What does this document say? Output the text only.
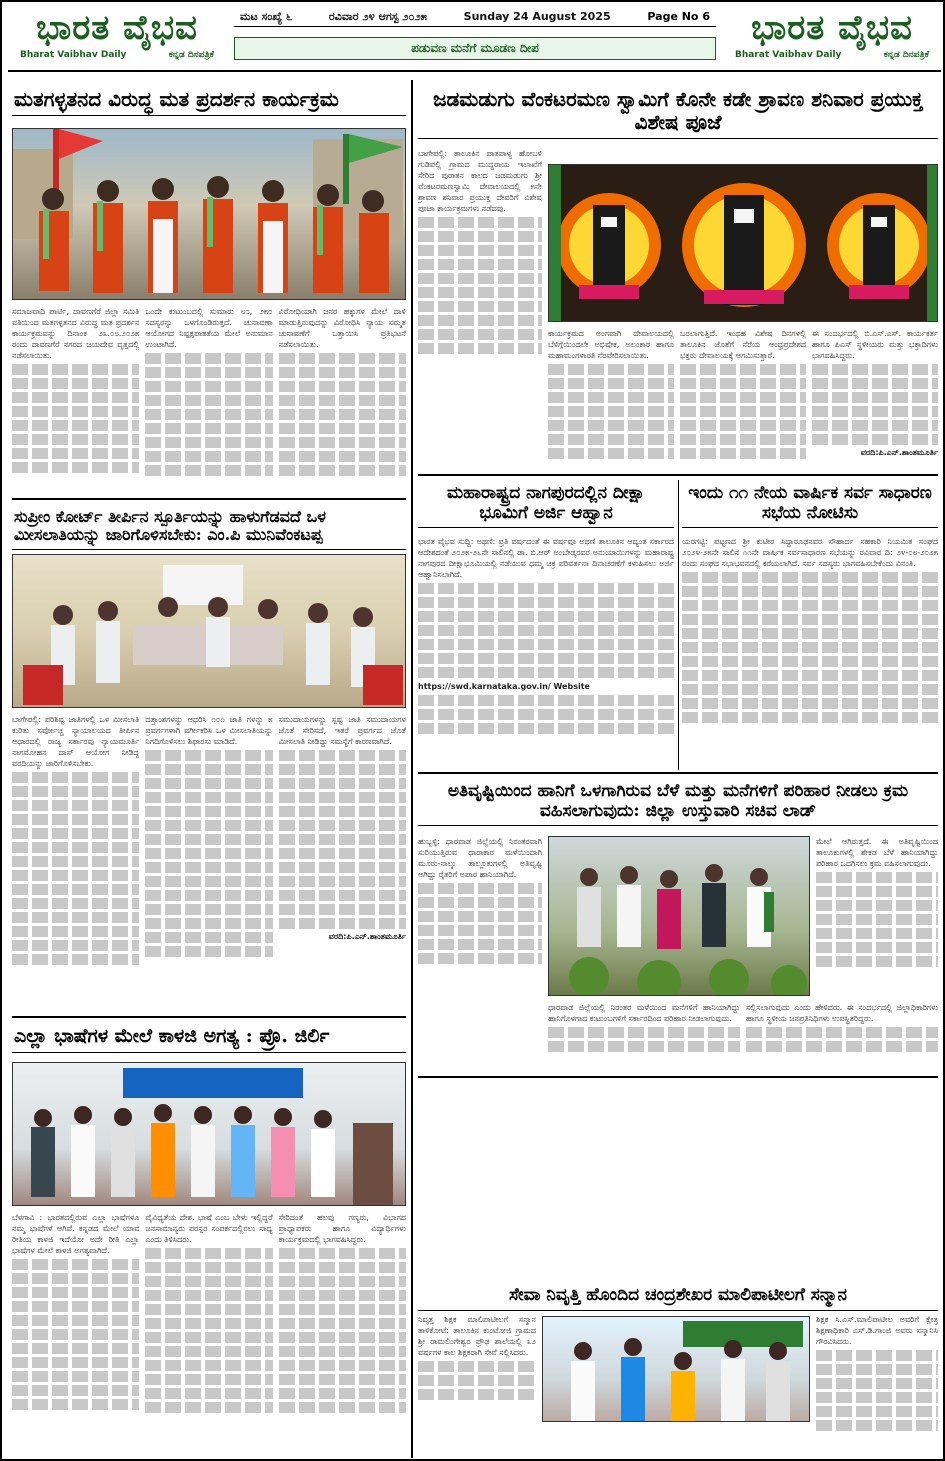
ಭಾರತ ವೈಭವ
Bharat Vaibhav Daily	ಕನ್ನಡ ದಿನಪತ್ರಿಕೆ
ಮಟ ಸಂಖ್ಯೆ ೬	ರವಿವಾರ ೨೪ ಆಗಸ್ಟ ೨೦೨೫	Sunday 24 August 2025	Page No 6
ಪಡುವಣ ಮನೆಗೆ ಮೂಡಣ ದೀಪ	ಭಾರತ ವೈಭವ
Bharat Vaibhav Daily	ಕನ್ನಡ ದಿನಪತ್ರಿಕೆ
ಮತಗಳ್ಳತನದ ವಿರುದ್ಧ ಮತ ಪ್ರದರ್ಶನ ಕಾರ್ಯಕ್ರಮ

ಸಮಾಜವಾದಿ ಪಾರ್ಟಿ, ದಾವಣಗೆರೆ ಜಿಲ್ಲಾ ಸಮಿತಿ ವತಿಯಿಂದ ಮತಗಳ್ಳತನದ ವಿರುದ್ಧ ಮತ ಪ್ರದರ್ಶನ ಕಾರ್ಯಕ್ರಮವನ್ನು ದಿನಾಂಕ ೨೩.೦೮.೨೦೨೫ ರಂದು ದಾವಣಗೆರೆ ನಗರದ ಜಯದೇವ ವೃತ್ತದಲ್ಲಿ ನಡೆಸಲಾಯಿತು.

ಒಂದೇ ಕುಟುಂಬದಲ್ಲಿ ಸುಮಾರು ೮೦, ೨೫೦ ಸದಸ್ಯರನ್ನು ಒಳಗೊಂಡಿರುತ್ತದೆ. ಚುನಾವಣಾ ಆಯೋಗದ ನಿಷ್ಪಕ್ಷಪಾತತೆಯ ಮೇಲೆ ಅನುಮಾನ ಉಂಟಾಗಿದೆ.

ವಿರೋಧಿಯಾಗಿ ಜನರ ಹಕ್ಕುಗಳ ಮೇಲೆ ದಾಳಿ ಮಾಡುತ್ತಿರುವುದನ್ನು ವಿರೋಧಿಸಿ ನ್ಯಾಯ ಸಮ್ಮತ ಚುನಾವಣೆಗೆ ಒತ್ತಾಯಿಸಿ ಪ್ರತಿಭಟನೆ ನಡೆಸಲಾಯಿತು.

ಜಡಮಡುಗು ವೆಂಕಟರಮಣ ಸ್ವಾಮಿಗೆ ಕೊನೇ ಕಡೇ ಶ್ರಾವಣ ಶನಿವಾರ ಪ್ರಯುಕ್ತ ವಿಶೇಷ ಪೂಜೆ

ಬಾಗೇಪಲ್ಲಿ: ತಾಲೂಕಿನ ಪಾತಪಾಳ್ಯ ಹೋಬಳಿ ಗುಡಿಪಲ್ಲಿ ಗ್ರಾಮದ ಮುದ್ದರಾಯ ಇಲಾಖೆಗೆ ಸೇರಿದ ಪುರಾತನ ಕಾಲದ ಜಡಮಡುಗು ಶ್ರೀ ವೆಂಕಟರಮಣಸ್ವಾಮಿ ದೇವಾಲಯದಲ್ಲಿ ೫ನೇ ಶ್ರಾವಣ ಶನಿವಾರ ಪ್ರಯುಕ್ತ ದೇವರಿಗೆ ವಿಶೇಷ ಪೂಜಾ ಕಾರ್ಯಕ್ರಮಗಳು ನಡೆದವು.

ಕಾರ್ಯಕ್ರಮದ ಅಂಗವಾಗಿ ದೇವಾಲಯದಲ್ಲಿ ಬೆಳಿಗ್ಗೆಯಿಂದಲೇ ಅಭಿಷೇಕ, ಅಲಂಕಾರ ಹಾಗೂ ಮಹಾಮಂಗಳಾರತಿ ನೆರವೇರಿಸಲಾಯಿತು.

ಬರಲಾಗುತ್ತಿದೆ. ಇಂಥಹ ವಿಶೇಷ ದಿನಗಳಲ್ಲಿ ತಾಲೂಕಿನ ಜೊತೆಗೆ ನೆರೆಯ ಆಂಧ್ರಪ್ರದೇಶದ ಭಕ್ತರು ದೇವಾಲಯಕ್ಕೆ ಆಗಮಿಸುತ್ತಾರೆ.

ಈ ಸಂದರ್ಭದಲ್ಲಿ ಬಿ.ಎಸ್.ಎಸ್. ಕಾರ್ಯಕರ್ತ ಹಾಗೂ ಪಿಎಸ್ ಸ್ಥಳೀಯರು ಮತ್ತು ಭಕ್ತಾದಿಗಳು ಭಾಗವಹಿಸಿದ್ದರು.

ವರದಿ:ಪಿ.ಎನ್.ಶಾಂತಮೂರ್ತಿ

ಸುಪ್ರೀಂ ಕೋರ್ಟ್ ತೀರ್ಪಿನ ಸ್ಪೂರ್ತಿಯನ್ನು ಹಾಳುಗೆಡವದೆ ಒಳ ಮೀಸಲಾತಿಯನ್ನು ಜಾರಿಗೊಳಿಸಬೇಕು: ಎಂ.ಪಿ ಮುನಿವೆಂಕಟಪ್ಪ

ಬಾಗೇಪಲ್ಲಿ: ಪರಿಶಿಷ್ಟ ಜಾತಿಗಳಲ್ಲಿ ಒಳ ಮೀಸಲಾತಿ ಕುರಿತು ಸರ್ವೋಚ್ಚ ನ್ಯಾಯಾಲಯದ ತೀರ್ಪಿನ ಆಧಾರದಲ್ಲಿ ರಾಜ್ಯ ಸರ್ಕಾರವು ನ್ಯಾಯಮೂರ್ತಿ ನಾಗಮೋಹನ ದಾಸ್ ಆಯೋಗ ನೀಡಿದ್ದ ವರದಿಯನ್ನು ಜಾರಿಗೊಳಿಸಬೇಕು.

ದತ್ತಾಂಶಗಳನ್ನು ಆಧರಿಸಿ ೧೦೧ ಜಾತಿ ಗಳನ್ನು ೫ ಪ್ರವರ್ಗಗಳಾಗಿ ವರ್ಗೀಕರಿಸಿ ಒಳ ಮೀಸಲಾತಿಯನ್ನು ನಿಗದಿಗೊಳಿಸಲು ಶಿಫಾರಸು ಮಾಡಿದೆ.

ಸಮುದಾಯಗಳನ್ನು ಸ್ಪಷ್ಟ ಜಾತಿ ಸಮುದಾಯಗಳ ಜೊತೆ ಸೇರಿಸದೆ, ಇತರೆ ಪ್ರವರ್ಗದ ಜೊತೆ ಮೀಸಲಾತಿ ನೀಡಿದ್ದು ಸಮಸ್ಯೆಗೆ ಕಾರಣವಾಗಿದೆ.

ವರದಿ:ಪಿ.ಎನ್.ಶಾಂತಮೂರ್ತಿ

ಮಹಾರಾಷ್ಟ್ರದ ನಾಗಪುರದಲ್ಲಿನ ದೀಕ್ಷಾ ಭೂಮಿಗೆ ಅರ್ಜಿ ಆಹ್ವಾನ

ಭಾರತ ವೈಭವ ಸುದ್ದಿ: ಅಥಣಿ: ಪ್ರತಿ ವರ್ಷದಂತೆ ಈ ವರ್ಷವೂ ಅಥಣಿ ತಾಲೂಕಿನ ಆದ್ಯಂತ ಸರ್ಕಾರದ ಆದೇಶದಂತೆ ೨೦೨೫-೨೬ನೇ ಸಾಲಿನಲ್ಲಿ ಡಾ. ಬಿ.ಆರ್ ಅಂಬೇಡ್ಕರವರ ಅನುಯಾಯಿಗಳನ್ನು ಮಹಾರಾಷ್ಟ್ರ ನಾಗಪುರದ ದೀಕ್ಷಾಭೂಮಿಯಲ್ಲಿ ನಡೆಯುವ ಧಮ್ಮ ಚಕ್ರ ಪರಿವರ್ತನಾ ದಿನಾಚರಣೆಗೆ ಕಳುಹಿಸಲು ಅರ್ಜಿ ಆಹ್ವಾನಿಸಲಾಗಿದೆ.

https://swd.karnataka.gov.in/ Website

ಇಂದು ೧೧ ನೇಯ ವಾರ್ಷಿಕ ಸರ್ವ ಸಾಧಾರಣ ಸಭೆಯ ನೋಟಿಸು

ಯರಗಟ್ಟಿ: ಪಟ್ಟಣದ ಶ್ರೀ ಕುಟೀರ ಸಿದ್ಧಾರೂಢನವರ ಸೌಹಾರ್ದ ಸಹಕಾರಿ ನಿಯಮಿತ ಸಂಘದ ೨೦೨೪-೨೫ನೇ ಸಾಲಿನ ೧೧ನೇ ವಾರ್ಷಿಕ ಸರ್ವಸಾಧಾರಣ ಸಭೆಯನ್ನು ರವಿವಾರ ದಿ: ೨೪-೦೮-೨೦೨೫ ರಂದು ಸಂಘದ ಸಭಾಭವನದಲ್ಲಿ ಕರೆಯಲಾಗಿದೆ. ಸರ್ವ ಸದಸ್ಯರು ಭಾಗವಹಿಸಬೇಕೆಂದು ವಿನಂತಿ.

ಅತಿವೃಷ್ಟಿಯಿಂದ ಹಾನಿಗೆ ಒಳಗಾಗಿರುವ ಬೆಳೆ ಮತ್ತು ಮನೆಗಳಿಗೆ ಪರಿಹಾರ ನೀಡಲು ಕ್ರಮ ವಹಿಸಲಾಗುವುದು: ಜಿಲ್ಲಾ ಉಸ್ತುವಾರಿ ಸಚಿವ ಲಾಡ್

ಹುಬ್ಬಳ್ಳಿ: ಧಾರವಾಡ ಜಿಲ್ಲೆಯಲ್ಲಿ ನಿರಂತರವಾಗಿ ಸುರಿಯುತ್ತಿರುವ ಧಾರಾಕಾರ ಮಳೆಯಿಂದಾಗಿ ಮೂರು-ನಾಲ್ಕು ತಾಲ್ಲೂಕುಗಳಲ್ಲಿ ಅತಿವೃಷ್ಟಿ ಆಗಿದ್ದು ರೈತರಿಗೆ ಅಪಾರ ಹಾನಿಯಾಗಿದೆ.

ಮೇಲೆ ಆಗಿರುತ್ತದೆ. ಈ ಅತಿವೃಷ್ಟಿಯಿಂದ ತಾಲೂಕುಗಳಲ್ಲಿ ಶೇಕಡ ಬೆಳೆ ಹಾನಿಯಾಗಿದ್ದು ಪರಿಹಾರ ಒದಗಿಸಲು ಕ್ರಮ ವಹಿಸಲಾಗುವುದು.

ಧಾರವಾಡ ಜಿಲ್ಲೆಯಲ್ಲಿ ನಿರಂತರ ಮಳೆಯಿಂದ ಮನೆಗಳಿಗೆ ಹಾನಿಯಾಗಿದ್ದು ಹಾನಿಗೊಳಗಾದ ಕುಟುಂಬಗಳಿಗೆ ಸರ್ಕಾರದಿಂದ ಪರಿಹಾರ ನೀಡಲಾಗುವುದು.

ಸಲ್ಲಿಸಲಾಗುವುದು ಎಂದು ಹೇಳಿದರು. ಈ ಸಂದರ್ಭದಲ್ಲಿ ಜಿಲ್ಲಾಧಿಕಾರಿಗಳು ಹಾಗೂ ಸ್ಥಳೀಯ ಜನಪ್ರತಿನಿಧಿಗಳು ಉಪಸ್ಥಿತರಿದ್ದರು.

ಎಲ್ಲಾ ಭಾಷೆಗಳ ಮೇಲೆ ಕಾಳಜಿ ಅಗತ್ಯ : ಪ್ರೊ. ಜಿರ್ಲಿ

ಬೆಳಗಾವಿ : ಭಾರತದಲ್ಲಿರುವ ಎಲ್ಲಾ ಭಾಷೆಗಳೂ ನಮ್ಮ ಭಾಷೆಗಳೆ ಆಗಿವೆ. ಕನ್ನಡದ ಮೇಲೆ ಯಾವ ರೀತಿಯ ಕಾಳಜಿ ಇದೆಯೋ ಅದೇ ರೀತಿ ಎಲ್ಲಾ ಭಾಷೆಗಳ ಮೇಲೆ ಕಾಳಜಿ ಅಗತ್ಯವಾಗಿದೆ.

ವೈವಿಧ್ಯತೆಯ ದೇಶ. ಭಾಷೆ ಎಂಬ ಬೇಳು ಇಲ್ಲಿದ್ದರೆ ಜನಸಾಮಾನ್ಯರು ಪರಸ್ಪರ ಸಂಪರ್ಕದಲ್ಲಿರಲು ಸಾಧ್ಯ ಎಂದು ತಿಳಿಸಿದರು.

ಸೇರಿದಂತೆ ಹಲವು ಗಣ್ಯರು, ವಿಭಾಗದ ಪ್ರಾಧ್ಯಾಪಕರು ಹಾಗೂ ವಿದ್ಯಾರ್ಥಿಗಳು ಕಾರ್ಯಕ್ರಮದಲ್ಲಿ ಭಾಗವಹಿಸಿದ್ದರು.

ಸೇವಾ ನಿವೃತ್ತಿ ಹೊಂದಿದ ಚಂದ್ರಶೇಖರ ಮಾಲಿಪಾಟೀಲಗೆ ಸನ್ಮಾನ

ನಿವೃತ್ತ ಶಿಕ್ಷಕ ಮಾಲಿಪಾಟೀಲಗೆ ಸನ್ಮಾನ ತಾಳಿಕೋಟೆ: ತಾಲೂಕಿನ ಕುಂಟೋಜಿ ಗ್ರಾಮದ ಶ್ರೀ ರಾಮಲಿಂಗೇಶ್ವರ ಪ್ರೌಢ ಶಾಲೆಯಲ್ಲಿ ೩೨ ವರ್ಷಗಳ ಕಾಲ ಶಿಕ್ಷಕರಾಗಿ ಸೇವೆ ಸಲ್ಲಿಸಿದರು.

ಶಿಕ್ಷಕ ಸಿ.ಎಸ್.ಮಾಲಿಪಾಟೀಲ ಅವರಿಗೆ ಕ್ಷೇತ್ರ ಶಿಕ್ಷಣಾಧಿಕಾರಿ ಎಸ್.ಡಿ.ಗಾಂಜಿ ಅವರು ಸನ್ಮಾನಿಸಿ ಗೌರವಿಸಿದರು.
